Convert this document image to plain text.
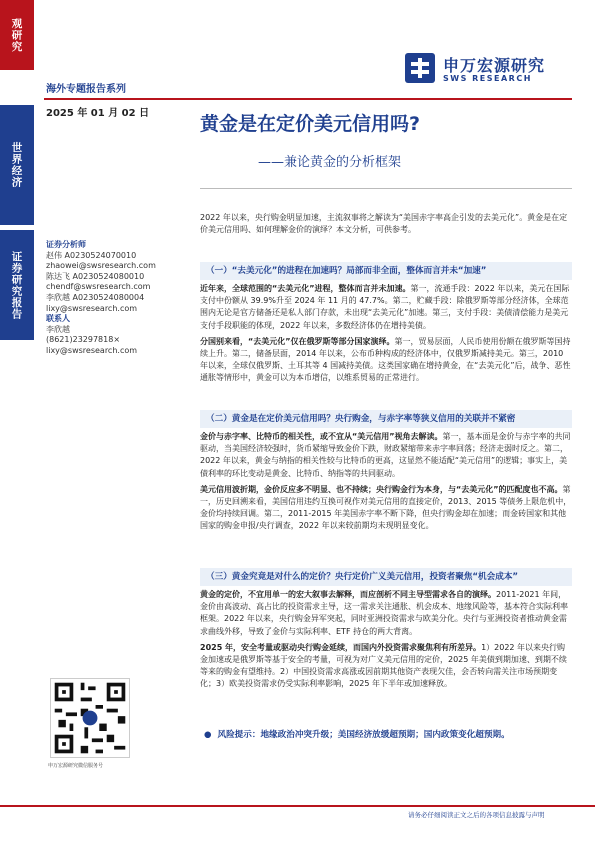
观研究
世界经济
证券研究报告
申万宏源研究
SWS RESEARCH
海外专题报告系列
2025 年 01 月 02 日	黄金是在定价美元信用吗?
——兼论黄金的分析框架
证券分析师
赵伟 A0230524070010
zhaowei@swsresearch.com
陈达飞 A0230524080010
chendf@swsresearch.com
李欣越 A0230524080004
lixy@swsresearch.com
联系人
李欣越
(8621)23297818×
lixy@swsresearch.com

2022 年以来，央行购金明显加速，主流叙事将之解读为“美国赤字率高企引发的去美元化”。黄金是在定价美元信用吗、如何理解金价的演绎？本文分析，可供参考。

（一）“去美元化”的进程在加速吗？局部而非全面，整体而言并未“加速”

近年来，全球范围的“去美元化”进程，整体而言并未加速。第一，流通手段：2022 年以来，美元在国际支付中份额从 39.9%升至 2024 年 11 月的 47.7%。第二，贮藏手段：除俄罗斯等部分经济体，全球范围内无论是官方储备还是私人部门存款，未出现“去美元化”加速。第三，支付手段：美债清偿能力是美元支付手段职能的体现，2022 年以来，多数经济体仍在增持美债。

分国别来看，“去美元化”仅在俄罗斯等部分国家演绎。第一，贸易层面，人民币使用份额在俄罗斯等国持续上升。第二，储备层面，2014 年以来，公布币种构成的经济体中，仅俄罗斯减持美元。第三，2010 年以来，全球仅俄罗斯、土耳其等 4 国减持美债。这类国家确在增持黄金，在“去美元化”后，战争、恶性通胀等情形中，黄金可以为本币增信，以维系贸易的正常进行。

（二）黄金是在定价美元信用吗？央行购金，与赤字率等狭义信用的关联并不紧密

金价与赤字率、比特币的相关性，或不宜从“美元信用”视角去解读。第一，基本面是金价与赤字率的共同驱动，当美国经济较强时，货币紧缩导致金价下跌，财政紧缩带来赤字率回落；经济走弱时反之。第二，2022 年以来，黄金与纳指的相关性较与比特币的更高，这显然不能适配“美元信用”的逻辑；事实上，美债利率的环比变动是黄金、比特币、纳指等的共同驱动。

美元信用波折期，金价反应多不明显、也不持续；央行购金行为本身，与“去美元化”的匹配度也不高。第一，历史回溯来看，美国信用违约互换可视作对美元信用的直接定价，2013、2015 等债务上限危机中，金价均持续回调。第二，2011-2015 年美国赤字率不断下降，但央行购金却在加速；而金砖国家和其他国家的购金申报/央行调查，2022 年以来较前期均未现明显变化。

（三）黄金究竟是对什么的定价？央行定价广义美元信用，投资者聚焦“机会成本”

黄金的定价，不宜用单一的宏大叙事去解释，而应剖析不同主导型需求各自的演绎。2011-2021 年间，金价由高波动、高占比的投资需求主导，这一需求关注通胀、机会成本、地缘风险等，基本符合实际利率框架。2022 年以来，央行购金异军突起，同时亚洲投资需求与欧美分化。央行与亚洲投资者推动黄金需求曲线外移，导致了金价与实际利率、ETF 持仓的两大背离。

2025 年，安全考量或驱动央行购金延续，而国内外投资需求聚焦利有所差异。1）2022 年以来央行购金加速或是俄罗斯等基于安全的考量，可视为对广义美元信用的定价，2025 年美债到期加速、到期不续等来的购金有望维持。2）中国投资需求高涨或因前期其他资产表现欠佳，会否转向需关注市场预期变化；3）欧美投资需求仍受实际利率影响，2025 年下半年或加速释放。

●  风险提示：地缘政治冲突升级；美国经济放缓超预期；国内政策变化超预期。
申万宏源研究微信服务号
请务必仔细阅读正文之后的各项信息披露与声明
